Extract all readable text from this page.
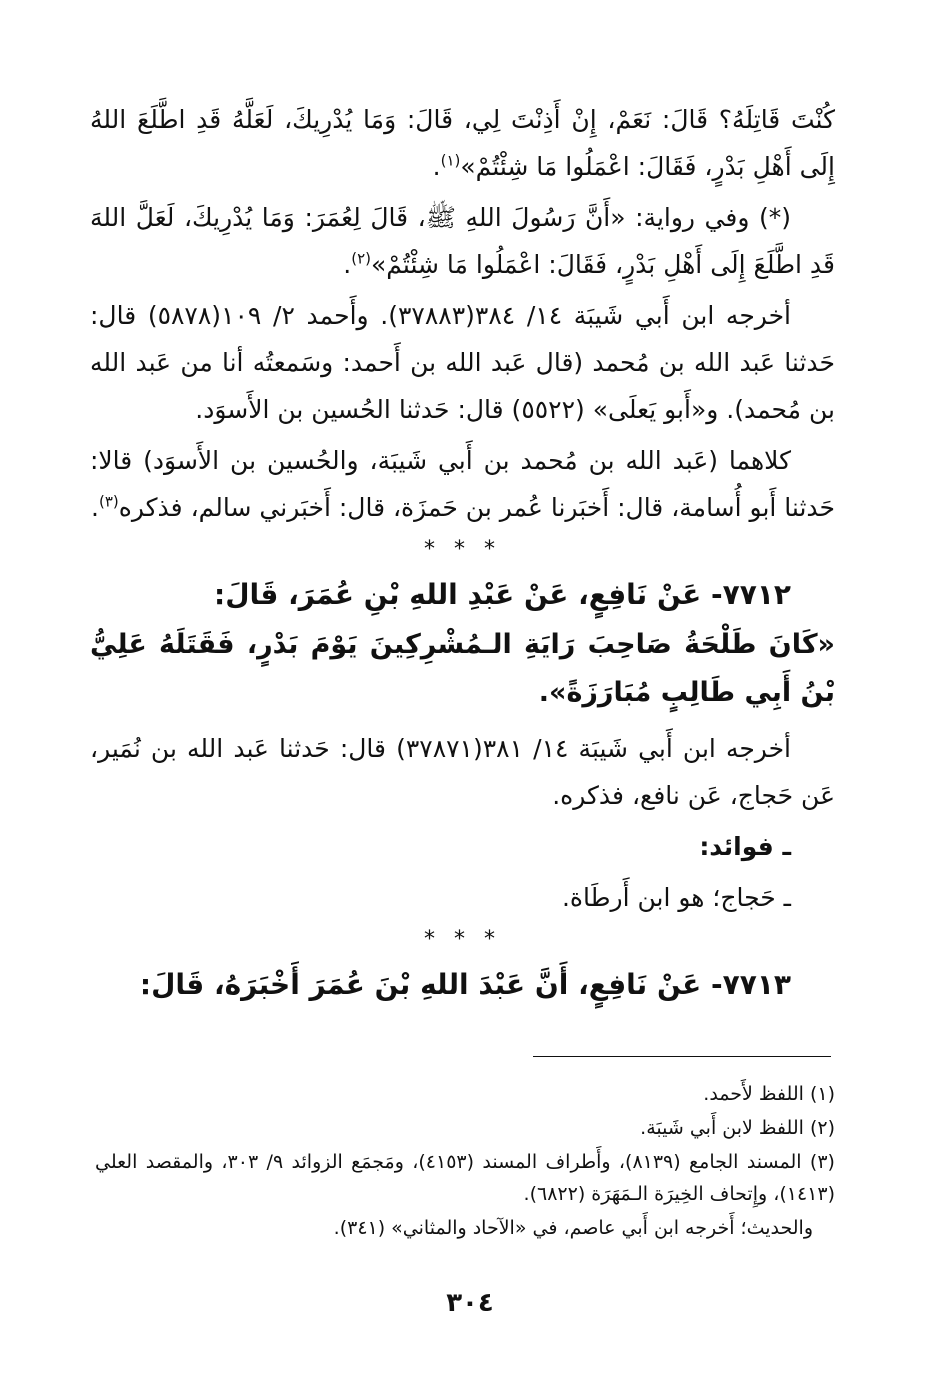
كُنْتَ قَاتِلَهُ؟ قَالَ: نَعَمْ، إِنْ أَذِنْتَ لِي، قَالَ: وَمَا يُدْرِيكَ، لَعَلَّهُ قَدِ اطَّلَعَ اللهُ إِلَى أَهْلِ بَدْرٍ، فَقَالَ: اعْمَلُوا مَا شِئْتُمْ»$^{(١)}$.

(*) وفي رواية: «أَنَّ رَسُولَ اللهِ ﷺ، قَالَ لِعُمَرَ: وَمَا يُدْرِيكَ، لَعَلَّ اللهَ قَدِ اطَّلَعَ إِلَى أَهْلِ بَدْرٍ، فَقَالَ: اعْمَلُوا مَا شِئْتُمْ»$^{(٢)}$.

أخرجه ابن أَبي شَيبَة ١٤/ ٣٨٤(٣٧٨٨٣). وأَحمد ٢/ ١٠٩(٥٨٧٨) قال: حَدثنا عَبد الله بن مُحمد (قال عَبد الله بن أَحمد: وسَمعتُه أنا من عَبد الله بن مُحمد). و«أَبو يَعلَى» (٥٥٢٢) قال: حَدثنا الحُسين بن الأَسوَد.

كلاهما (عَبد الله بن مُحمد بن أَبي شَيبَة، والحُسين بن الأَسوَد) قالا: حَدثنا أَبو أُسامة، قال: أَخبَرنا عُمر بن حَمزَة، قال: أَخبَرني سالم، فذكره$^{(٣)}$.

* * *

٧٧١٢- عَنْ نَافِعٍ، عَنْ عَبْدِ اللهِ بْنِ عُمَرَ، قَالَ:

«كَانَ طَلْحَةُ صَاحِبَ رَايَةِ الـمُشْرِكِينَ يَوْمَ بَدْرٍ، فَقَتَلَهُ عَلِيُّ بْنُ أَبِي طَالِبٍ مُبَارَزَةً».

أخرجه ابن أَبي شَيبَة ١٤/ ٣٨١(٣٧٨٧١) قال: حَدثنا عَبد الله بن نُمَير، عَن حَجاج، عَن نافع، فذكره.

ـ فوائد:

ـ حَجاج؛ هو ابن أَرطَاة.

* * *

٧٧١٣- عَنْ نَافِعٍ، أَنَّ عَبْدَ اللهِ بْنَ عُمَرَ أَخْبَرَهُ، قَالَ:

(١) اللفظ لأَحمد.

(٢) اللفظ لابن أَبي شَيبَة.

(٣) المسند الجامع (٨١٣٩)، وأَطراف المسند (٤١٥٣)، ومَجمَع الزوائد ٩/ ٣٠٣، والمقصد العلي (١٤١٣)، وإِتحاف الخِيرَة الـمَهَرَة (٦٨٢٢).

والحديث؛ أَخرجه ابن أَبي عاصم، في «الآحاد والمثاني» (٣٤١).

٣٠٤
